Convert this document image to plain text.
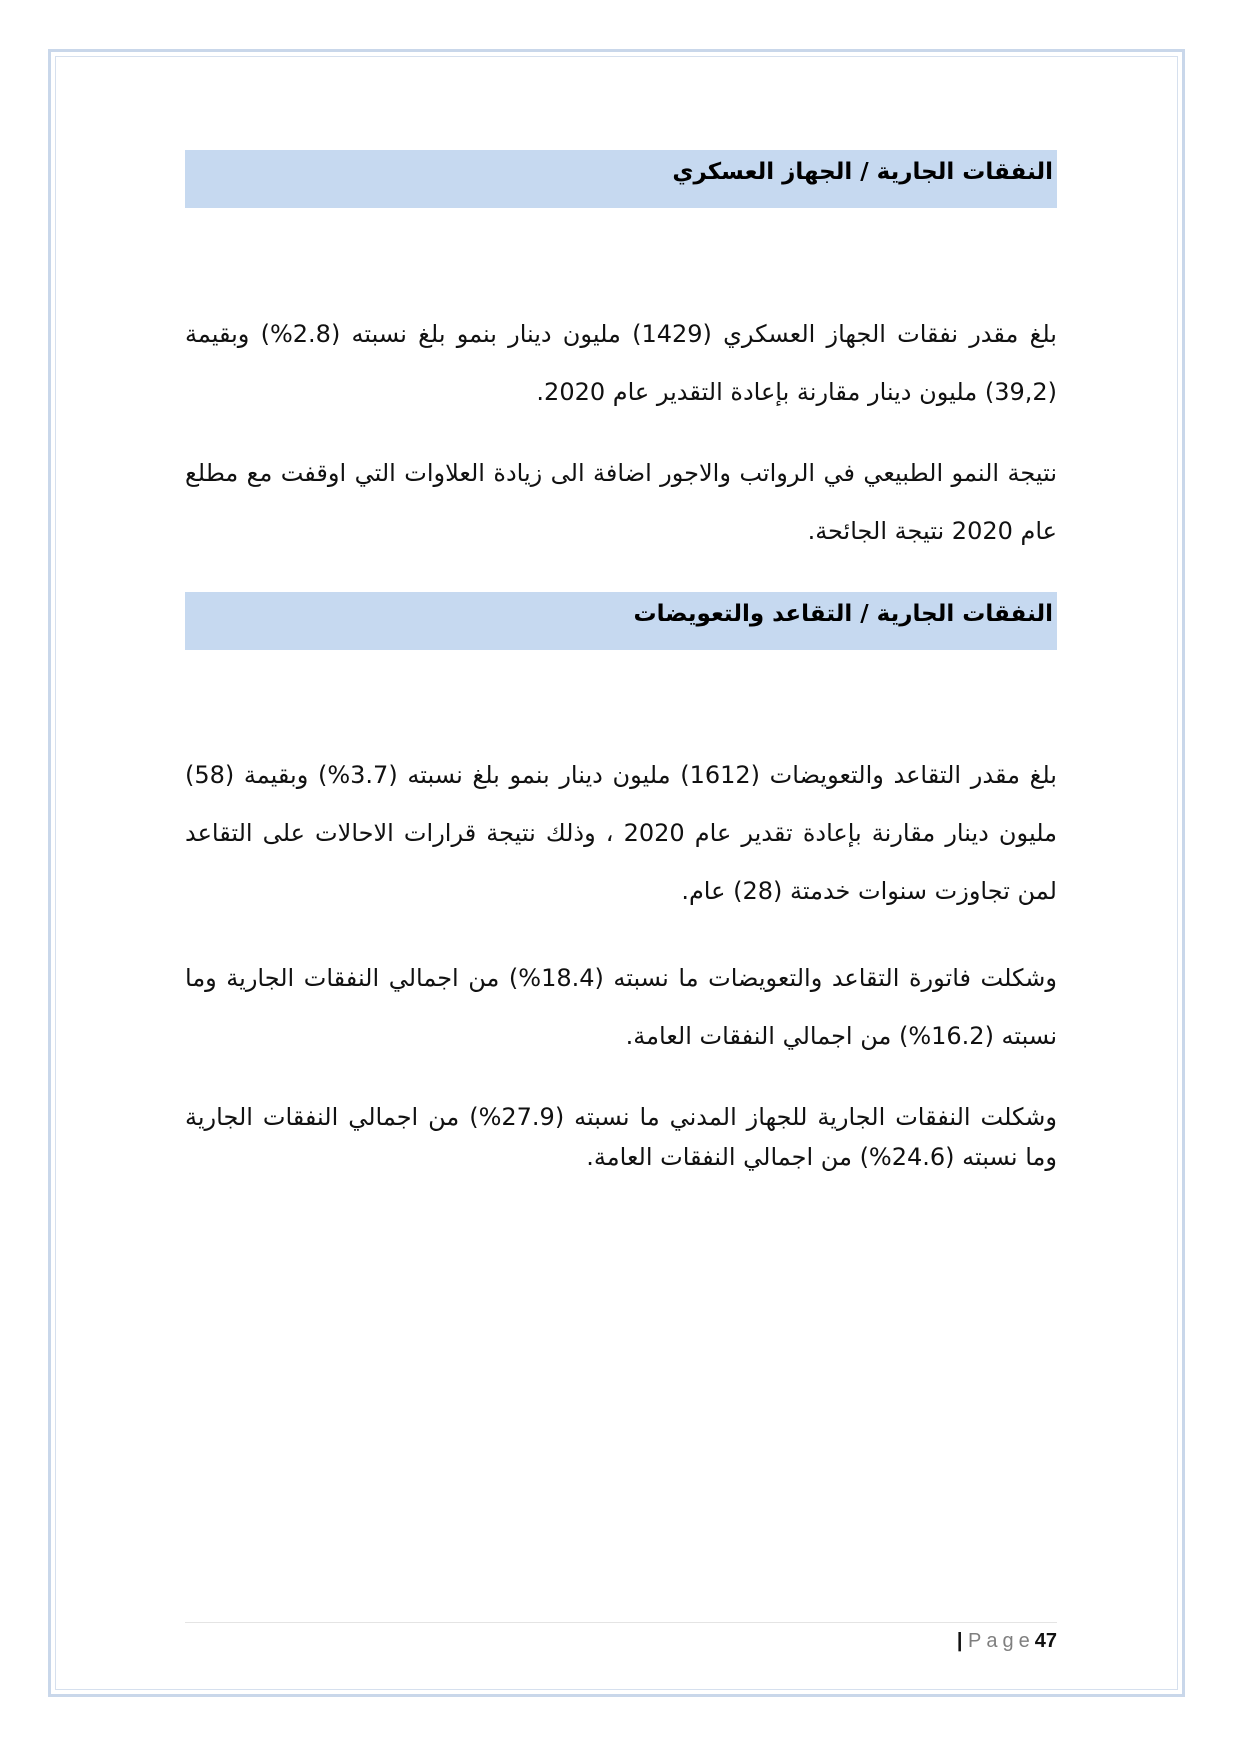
النفقات الجارية / الجهاز العسكري

بلغ مقدر نفقات الجهاز العسكري (1429) مليون دينار بنمو بلغ نسبته (2.8%) وبقيمة (39,2) مليون دينار مقارنة بإعادة التقدير عام 2020.

نتيجة النمو الطبيعي في الرواتب والاجور اضافة الى زيادة العلاوات التي اوقفت مع مطلع عام 2020 نتيجة الجائحة.

النفقات الجارية / التقاعد والتعويضات

بلغ مقدر التقاعد والتعويضات (1612) مليون دينار بنمو بلغ نسبته (3.7%) وبقيمة (58) مليون دينار مقارنة بإعادة تقدير عام 2020 ، وذلك نتيجة قرارات الاحالات على التقاعد لمن تجاوزت سنوات خدمتة (28) عام.

وشكلت فاتورة التقاعد والتعويضات ما نسبته (18.4%) من اجمالي النفقات الجارية وما نسبته (16.2%) من اجمالي النفقات العامة.

وشكلت النفقات الجارية للجهاز المدني ما نسبته (27.9%) من اجمالي النفقات الجارية وما نسبته (24.6%) من اجمالي النفقات العامة.

| Page47
